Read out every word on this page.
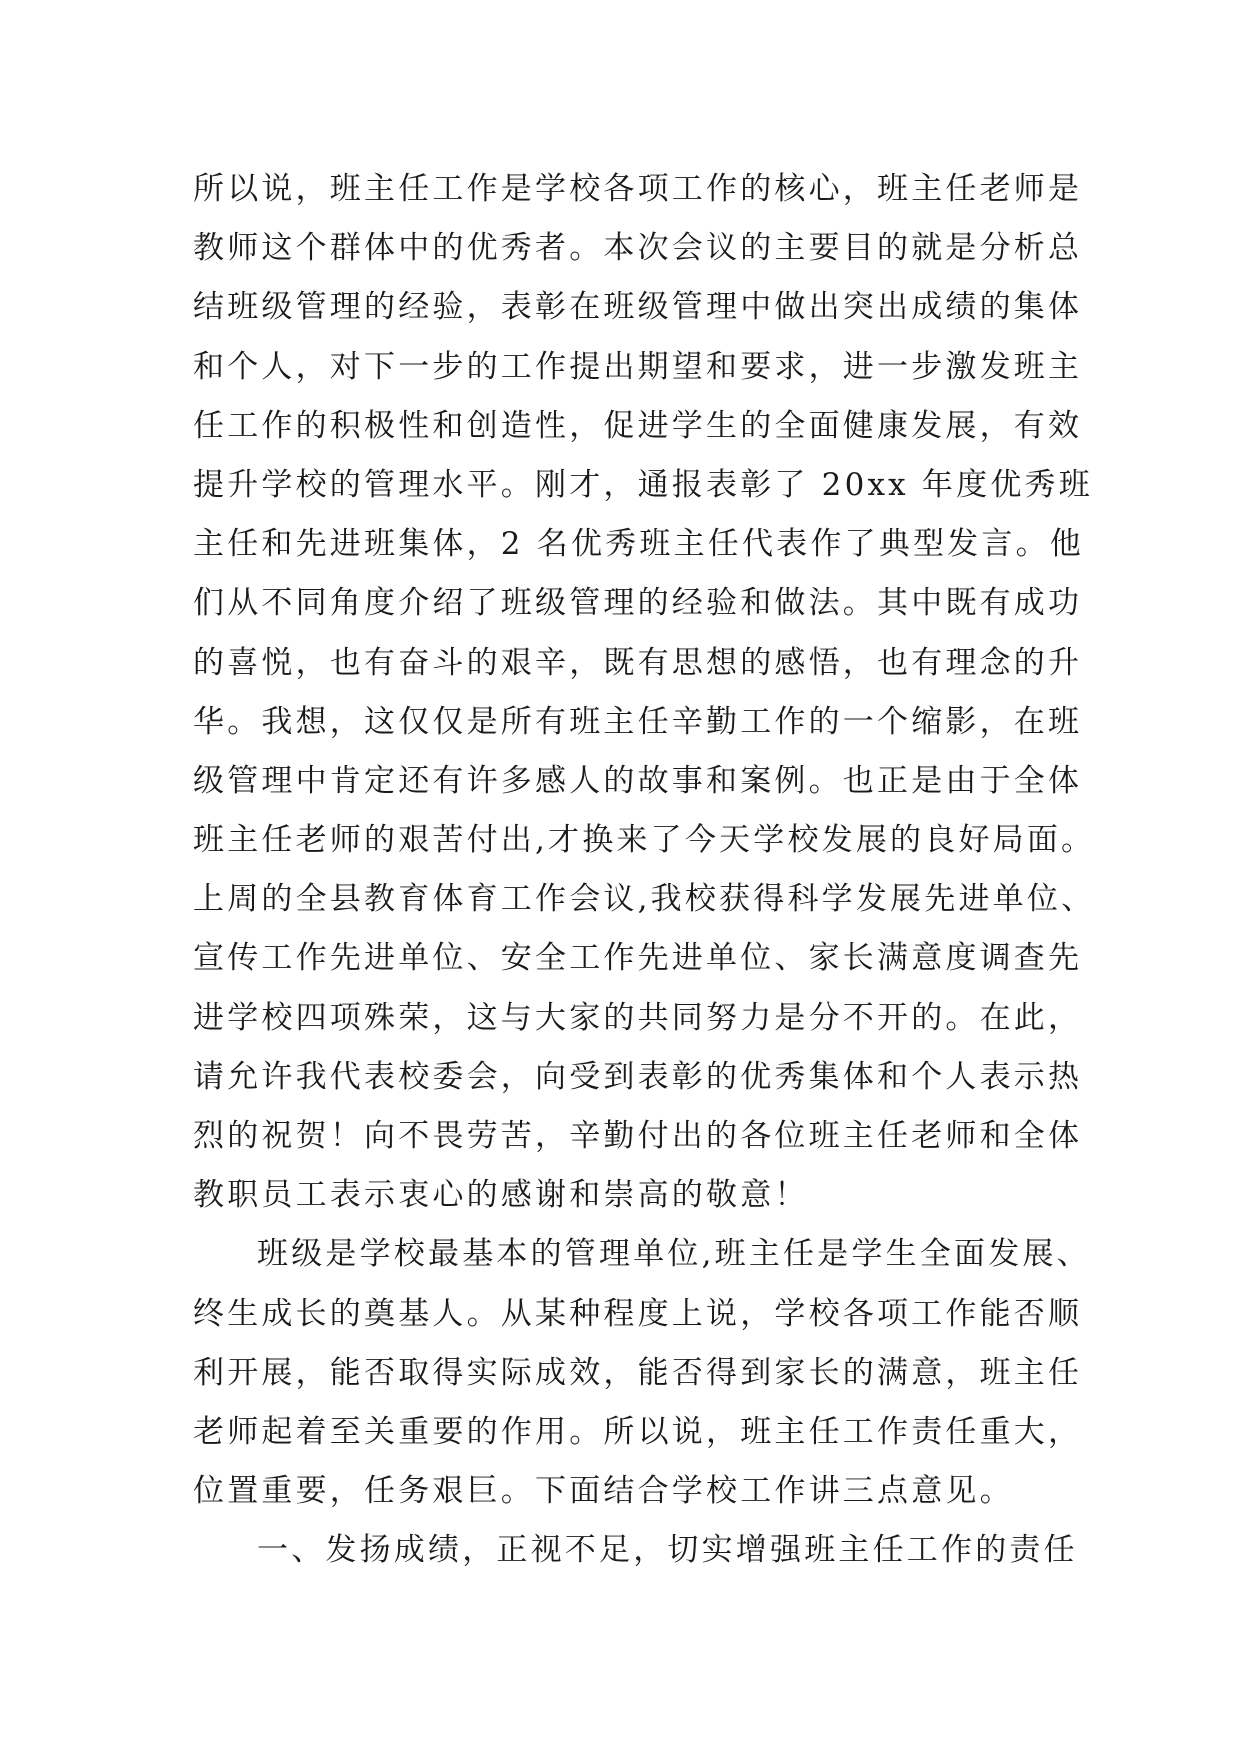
所以说，班主任工作是学校各项工作的核心，班主任老师是
教师这个群体中的优秀者。本次会议的主要目的就是分析总
结班级管理的经验，表彰在班级管理中做出突出成绩的集体
和个人，对下一步的工作提出期望和要求，进一步激发班主
任工作的积极性和创造性，促进学生的全面健康发展，有效
提升学校的管理水平。刚才，通报表彰了 20xx 年度优秀班
主任和先进班集体，2 名优秀班主任代表作了典型发言。他
们从不同角度介绍了班级管理的经验和做法。其中既有成功
的喜悦，也有奋斗的艰辛，既有思想的感悟，也有理念的升
华。我想，这仅仅是所有班主任辛勤工作的一个缩影，在班
级管理中肯定还有许多感人的故事和案例。也正是由于全体
班主任老师的艰苦付出,才换来了今天学校发展的良好局面。
上周的全县教育体育工作会议,我校获得科学发展先进单位、
宣传工作先进单位、安全工作先进单位、家长满意度调查先
进学校四项殊荣，这与大家的共同努力是分不开的。在此，
请允许我代表校委会，向受到表彰的优秀集体和个人表示热
烈的祝贺！向不畏劳苦，辛勤付出的各位班主任老师和全体
教职员工表示衷心的感谢和崇高的敬意！
班级是学校最基本的管理单位,班主任是学生全面发展、
终生成长的奠基人。从某种程度上说，学校各项工作能否顺
利开展，能否取得实际成效，能否得到家长的满意，班主任
老师起着至关重要的作用。所以说，班主任工作责任重大，
位置重要，任务艰巨。下面结合学校工作讲三点意见。
一、发扬成绩，正视不足，切实增强班主任工作的责任
